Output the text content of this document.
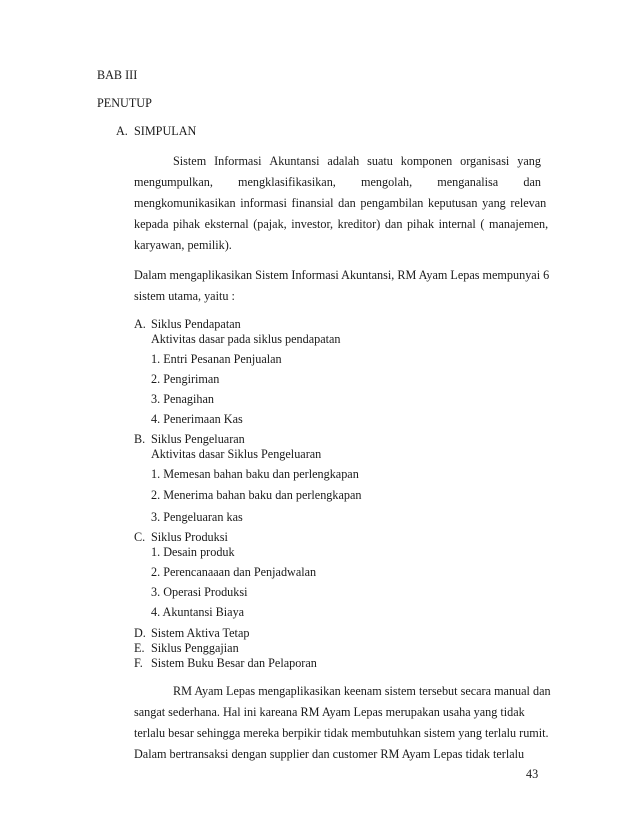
BAB III
PENUTUP
A. SIMPULAN
Sistem Informasi Akuntansi adalah suatu komponen organisasi yang
mengumpulkan, mengklasifikasikan, mengolah, menganalisa dan
mengkomunikasikan informasi finansial dan pengambilan keputusan yang relevan
kepada pihak eksternal (pajak, investor, kreditor) dan pihak internal ( manajemen,
karyawan, pemilik).
Dalam mengaplikasikan Sistem Informasi Akuntansi, RM Ayam Lepas mempunyai 6
sistem utama, yaitu :
A. Siklus Pendapatan
Aktivitas dasar pada siklus pendapatan
1. Entri Pesanan Penjualan
2. Pengiriman
3. Penagihan
4. Penerimaan Kas
B. Siklus Pengeluaran
Aktivitas dasar Siklus Pengeluaran
1. Memesan bahan baku dan perlengkapan
2. Menerima bahan baku dan perlengkapan
3. Pengeluaran kas
C. Siklus Produksi
1. Desain produk
2. Perencanaaan dan Penjadwalan
3. Operasi Produksi
4. Akuntansi Biaya
D. Sistem Aktiva Tetap
E. Siklus Penggajian
F. Sistem Buku Besar dan Pelaporan
RM Ayam Lepas mengaplikasikan keenam sistem tersebut secara manual dan
sangat sederhana. Hal ini kareana RM Ayam Lepas merupakan usaha yang tidak
terlalu besar sehingga mereka berpikir tidak membutuhkan sistem yang terlalu rumit.
Dalam bertransaksi dengan supplier dan customer RM Ayam Lepas tidak terlalu
43
